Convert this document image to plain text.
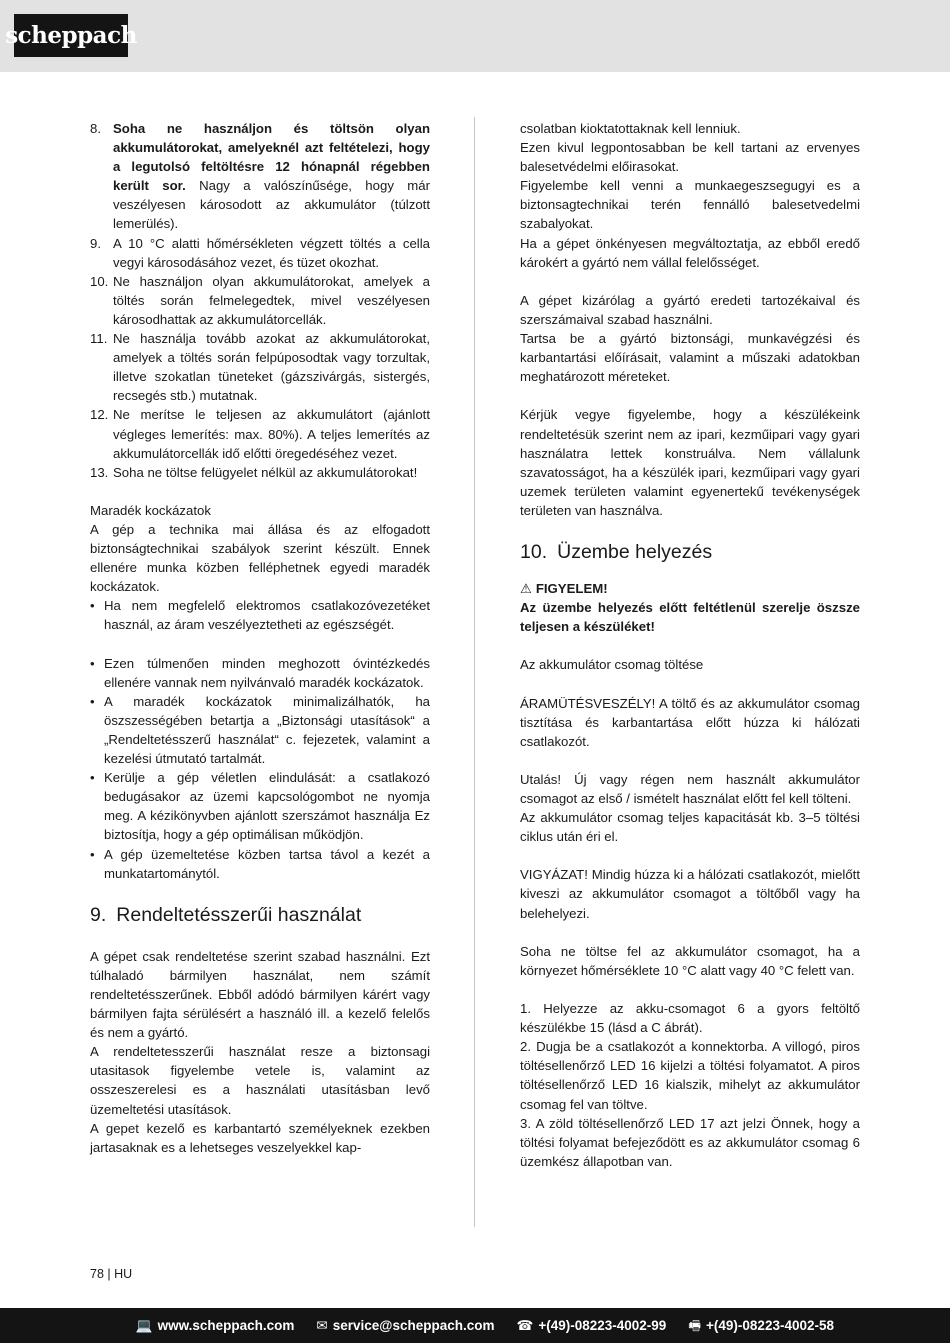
scheppach
8. Soha ne használjon és töltsön olyan akkumulátorokat, amelyeknél azt feltételezi, hogy a legutolsó feltöltésre 12 hónapnál régebben került sor. Nagy a valószínűsége, hogy már veszélyesen károsodott az akkumulátor (túlzott lemerülés).
9. A 10 °C alatti hőmérsékleten végzett töltés a cella vegyi károsodásához vezet, és tüzet okozhat.
10. Ne használjon olyan akkumulátorokat, amelyek a töltés során felmelegedtek, mivel veszélyesen károsodhattak az akkumulátorcellák.
11. Ne használja tovább azokat az akkumulátorokat, amelyek a töltés során felpúposodtak vagy torzultak, illetve szokatlan tüneteket (gázszivárgás, sistergés, recsegés stb.) mutatnak.
12. Ne merítse le teljesen az akkumulátort (ajánlott végleges lemerítés: max. 80%). A teljes lemerítés az akkumulátorcellák idő előtti öregedéséhez vezet.
13. Soha ne töltse felügyelet nélkül az akkumulátorokat!

Maradék kockázatok

A gép a technika mai állása és az elfogadott biztonságtechnikai szabályok szerint készült. Ennek ellenére munka közben felléphetnek egyedi maradék kockázatok.

• Ha nem megfelelő elektromos csatlakozóvezetéket használ, az áram veszélyeztetheti az egészségét.
• Ezen túlmenően minden meghozott óvintézkedés ellenére vannak nem nyilvánvaló maradék kockázatok.
• A maradék kockázatok minimalizálhatók, ha öszszességében betartja a „Biztonsági utasítások“ a „Rendeltetésszerű használat“ c. fejezetek, valamint a kezelési útmutató tartalmát.
• Kerülje a gép véletlen elindulását: a csatlakozó bedugásakor az üzemi kapcsológombot ne nyomja meg. A kézikönyvben ajánlott szerszámot használja Ez biztosítja, hogy a gép optimálisan működjön.
• A gép üzemeltetése közben tartsa távol a kezét a munkatartománytól.
9. Rendeltetésszerűi használat

A gépet csak rendeltetése szerint szabad használni. Ezt túlhaladó bármilyen használat, nem számít rendeltetésszerűnek. Ebből adódó bármilyen kárért vagy bármilyen fajta sérülésért a használó ill. a kezelő felelős és nem a gyártó.

A rendeltetesszerűi használat resze a biztonsagi utasitasok figyelembe vetele is, valamint az osszeszerelesi es a használati utasításban levő üzemeltetési utasítások.

A gepet kezelő es karbantartó személyeknek ezekben jartasaknak es a lehetseges veszelyekkel kap-

csolatban kioktatottaknak kell lenniuk.

Ezen kivul legpontosabban be kell tartani az ervenyes balesetvédelmi előirasokat.

Figyelembe kell venni a munkaegeszsegugyi es a biztonsagtechnikai terén fennálló balesetvedelmi szabalyokat.

Ha a gépet önkényesen megváltoztatja, az ebből eredő károkért a gyártó nem vállal felelősséget.

A gépet kizárólag a gyártó eredeti tartozékaival és szerszámaival szabad használni.

Tartsa be a gyártó biztonsági, munkavégzési és karbantartási előírásait, valamint a műszaki adatokban meghatározott méreteket.

Kérjük vegye figyelembe, hogy a készülékeink rendeltetésük szerint nem az ipari, kezműipari vagy gyari használatra lettek konstruálva. Nem vállalunk szavatosságot, ha a készülék ipari, kezműipari vagy gyari uzemek területen valamint egyenertekű tevékenységek területen van használva.

10. Üzembe helyezés

⚠ FIGYELEM!

Az üzembe helyezés előtt feltétlenül szerelje öszsze teljesen a készüléket!

Az akkumulátor csomag töltése

ÁRAMÜTÉSVESZÉLY! A töltő és az akkumulátor csomag tisztítása és karbantartása előtt húzza ki hálózati csatlakozót.

Utalás! Új vagy régen nem használt akkumulátor csomagot az első / ismételt használat előtt fel kell tölteni.

Az akkumulátor csomag teljes kapacitását kb. 3–5 töltési ciklus után éri el.

VIGYÁZAT! Mindig húzza ki a hálózati csatlakozót, mielőtt kiveszi az akkumulátor csomagot a töltőből vagy ha belehelyezi.

Soha ne töltse fel az akkumulátor csomagot, ha a környezet hőmérséklete 10 °C alatt vagy 40 °C felett van.

1. Helyezze az akku-csomagot 6 a gyors feltöltő készülékbe 15 (lásd a C ábrát).

2. Dugja be a csatlakozót a konnektorba. A villogó, piros töltésellenőrző LED 16 kijelzi a töltési folyamatot. A piros töltésellenőrző LED 16 kialszik, mihelyt az akkumulátor csomag fel van töltve.

3. A zöld töltésellenőrző LED 17 azt jelzi Önnek, hogy a töltési folyamat befejeződött es az akkumulátor csomag 6 üzemkész állapotban van.

78 | HU
💻 www.scheppach.com ✉ service@scheppach.com ☎ +(49)-08223-4002-99 🖷 +(49)-08223-4002-58
